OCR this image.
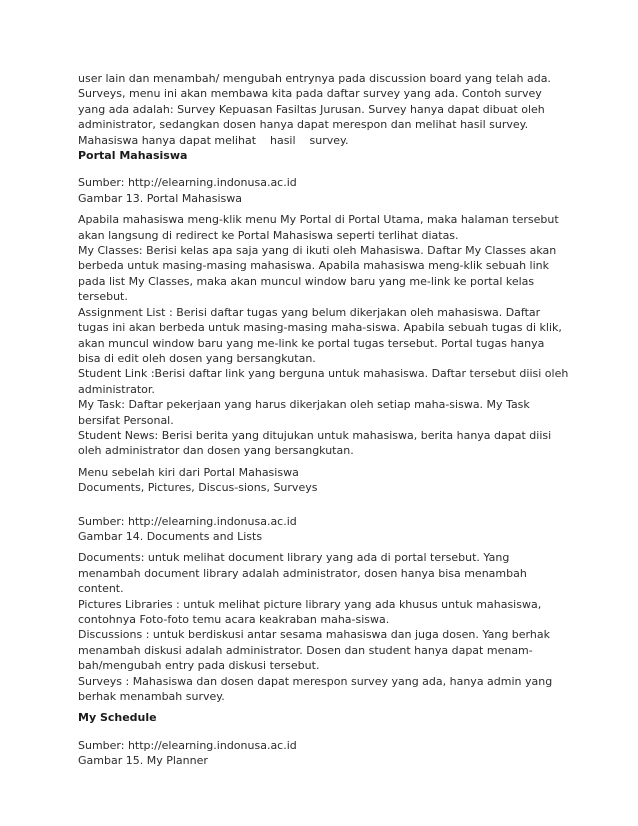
user lain dan menambah/ mengubah entrynya pada discussion board yang telah ada.

Surveys, menu ini akan membawa kita pada daftar survey yang ada. Contoh survey

yang ada adalah: Survey Kepuasan Fasiltas Jurusan. Survey hanya dapat dibuat oleh

administrator, sedangkan dosen hanya dapat merespon dan melihat hasil survey.

Mahasiswa hanya dapat melihat    hasil    survey.

Portal Mahasiswa

Sumber: http://elearning.indonusa.ac.id

Gambar 13. Portal Mahasiswa

Apabila mahasiswa meng-klik menu My Portal di Portal Utama, maka halaman tersebut

akan langsung di redirect ke Portal Mahasiswa seperti terlihat diatas.

My Classes: Berisi kelas apa saja yang di ikuti oleh Mahasiswa. Daftar My Classes akan

berbeda untuk masing-masing mahasiswa. Apabila mahasiswa meng-klik sebuah link

pada list My Classes, maka akan muncul window baru yang me-link ke portal kelas

tersebut.

Assignment List : Berisi daftar tugas yang belum dikerjakan oleh mahasiswa. Daftar

tugas ini akan berbeda untuk masing-masing maha-siswa. Apabila sebuah tugas di klik,

akan muncul window baru yang me-link ke portal tugas tersebut. Portal tugas hanya

bisa di edit oleh dosen yang bersangkutan.

Student Link :Berisi daftar link yang berguna untuk mahasiswa. Daftar tersebut diisi oleh

administrator.

My Task: Daftar pekerjaan yang harus dikerjakan oleh setiap maha-siswa. My Task

bersifat Personal.

Student News: Berisi berita yang ditujukan untuk mahasiswa, berita hanya dapat diisi

oleh administrator dan dosen yang bersangkutan.

Menu sebelah kiri dari Portal Mahasiswa

Documents, Pictures, Discus-sions, Surveys

Sumber: http://elearning.indonusa.ac.id

Gambar 14. Documents and Lists

Documents: untuk melihat document library yang ada di portal tersebut. Yang

menambah document library adalah administrator, dosen hanya bisa menambah

content.

Pictures Libraries : untuk melihat picture library yang ada khusus untuk mahasiswa,

contohnya Foto-foto temu acara keakraban maha-siswa.

Discussions : untuk berdiskusi antar sesama mahasiswa dan juga dosen. Yang berhak

menambah diskusi adalah administrator. Dosen dan student hanya dapat menam-

bah/mengubah entry pada diskusi tersebut.

Surveys : Mahasiswa dan dosen dapat merespon survey yang ada, hanya admin yang

berhak menambah survey.

My Schedule

Sumber: http://elearning.indonusa.ac.id

Gambar 15. My Planner
